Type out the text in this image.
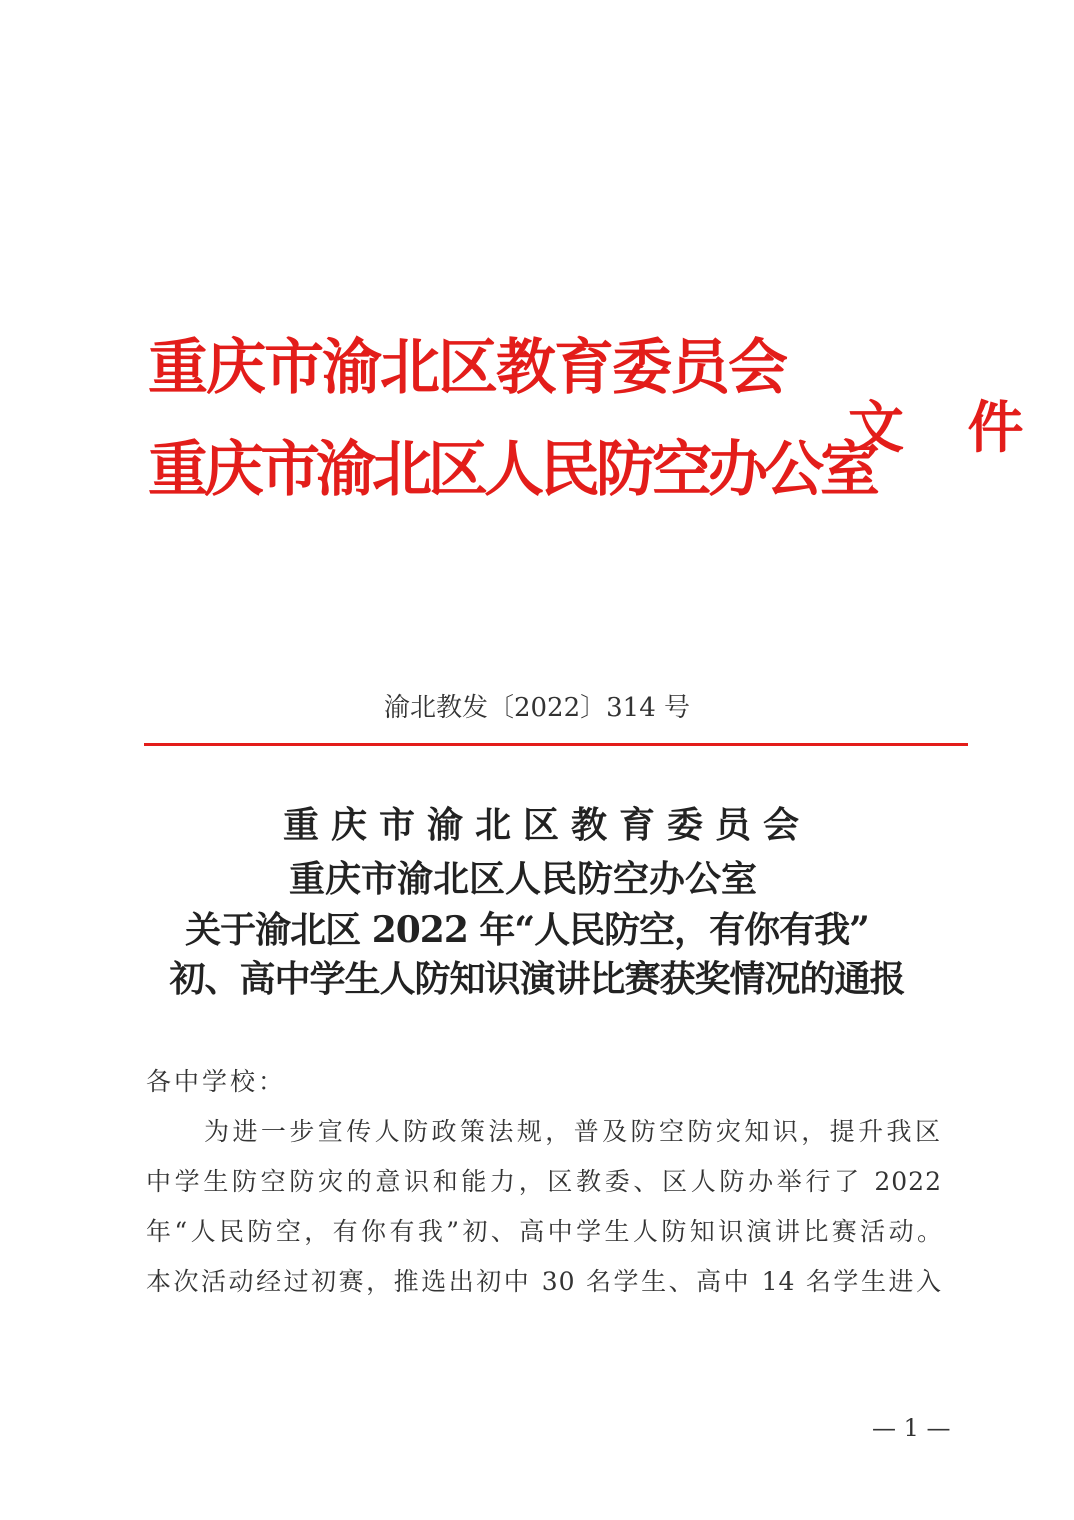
重庆市渝北区教育委员会
重庆市渝北区人民防空办公室
文 件
渝北教发〔2022〕314 号
重庆市渝北区教育委员会
重庆市渝北区人民防空办公室
关于渝北区 2022 年“人民防空，有你有我”
初、高中学生人防知识演讲比赛获奖情况的通报
各中学校：
为进一步宣传人防政策法规，普及防空防灾知识，提升我区
中学生防空防灾的意识和能力，区教委、区人防办举行了 2022
年“人民防空，有你有我”初、高中学生人防知识演讲比赛活动。
本次活动经过初赛，推选出初中 30 名学生、高中 14 名学生进入
— 1 —
